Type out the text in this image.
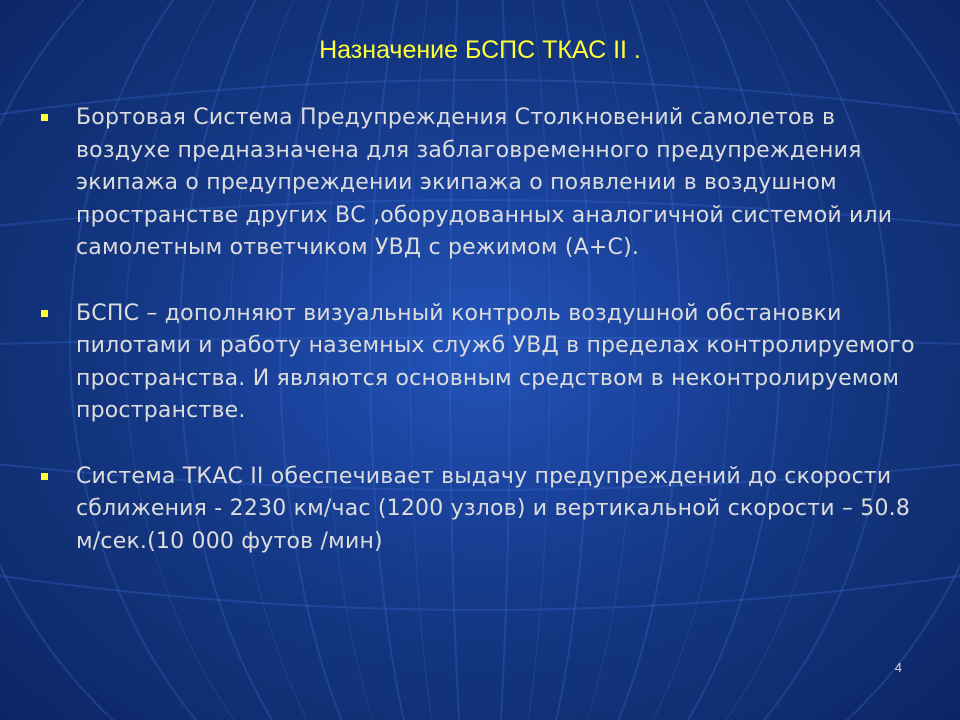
Назначение БСПС ТКАС II .
Бортовая Система Предупреждения Столкновений самолетов в воздухе предназначена для заблаговременного предупреждения экипажа о предупреждении экипажа о появлении в воздушном пространстве других ВС ,оборудованных аналогичной системой или самолетным ответчиком УВД с режимом (А+С).
БСПС – дополняют визуальный контроль воздушной обстановки пилотами и работу наземных служб УВД в пределах контролируемого пространства. И являются основным средством в неконтролируемом пространстве.
Система ТКАС II обеспечивает выдачу предупреждений до скорости сближения - 2230 км/час (1200 узлов) и вертикальной скорости – 50.8 м/сек.(10 000 футов /мин)
4
